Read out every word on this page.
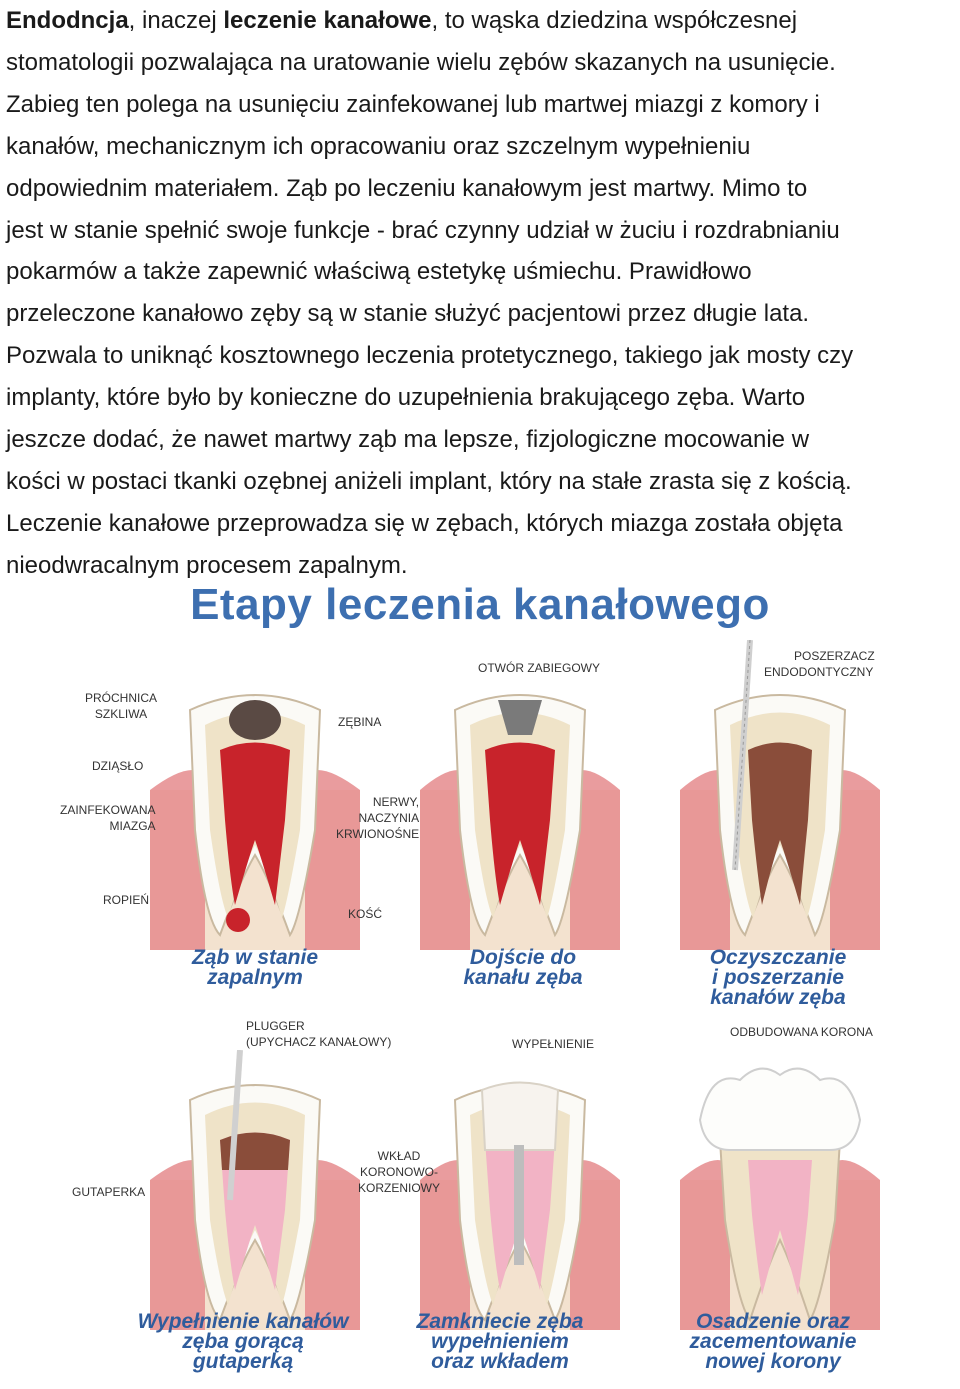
Endodncja, inaczej leczenie kanałowe, to wąska dziedzina współczesnej
stomatologii pozwalająca na uratowanie wielu zębów skazanych na usunięcie.
Zabieg ten polega na usunięciu zainfekowanej lub martwej miazgi z komory i
kanałów, mechanicznym ich opracowaniu oraz szczelnym wypełnieniu
odpowiednim materiałem. Ząb po leczeniu kanałowym jest martwy. Mimo to
jest w stanie spełnić swoje funkcje - brać czynny udział w żuciu i rozdrabnianiu
pokarmów a także zapewnić właściwą estetykę uśmiechu. Prawidłowo
przeleczone kanałowo zęby są w stanie służyć pacjentowi przez długie lata.
Pozwala to uniknąć kosztownego leczenia protetycznego, takiego jak mosty czy
implanty, które było by konieczne do uzupełnienia brakującego zęba. Warto
jeszcze dodać, że nawet martwy ząb ma lepsze, fizjologiczne mocowanie w
kości w postaci tkanki ozębnej aniżeli implant, który na stałe zrasta się z kością.
Leczenie kanałowe przeprowadza się w zębach, których miazga została objęta
nieodwracalnym procesem zapalnym.
Etapy leczenia kanałowego
PRÓCHNICA
SZKLIWA
ZĘBINA
DZIĄSŁO
ZAINFEKOWANA
MIAZGA
NERWY,
NACZYNIA
KRWIONOŚNE
ROPIEŃ
KOŚĆ
OTWÓR ZABIEGOWY
POSZERZACZ
ENDODONTYCZNY
Ząb w stanie
zapalnym
Dojście do
kanału zęba
Oczyszczanie
i poszerzanie
kanałów zęba
PLUGGER
(UPYCHACZ KANAŁOWY)
GUTAPERKA
WYPEŁNIENIE
WKŁAD
KORONOWO-
KORZENIOWY
ODBUDOWANA KORONA
Wypełnienie kanałów
zęba gorącą
gutaperką
Zamkniecie zęba
wypełnieniem
oraz wkładem
Osadzenie oraz
zacementowanie
nowej korony
